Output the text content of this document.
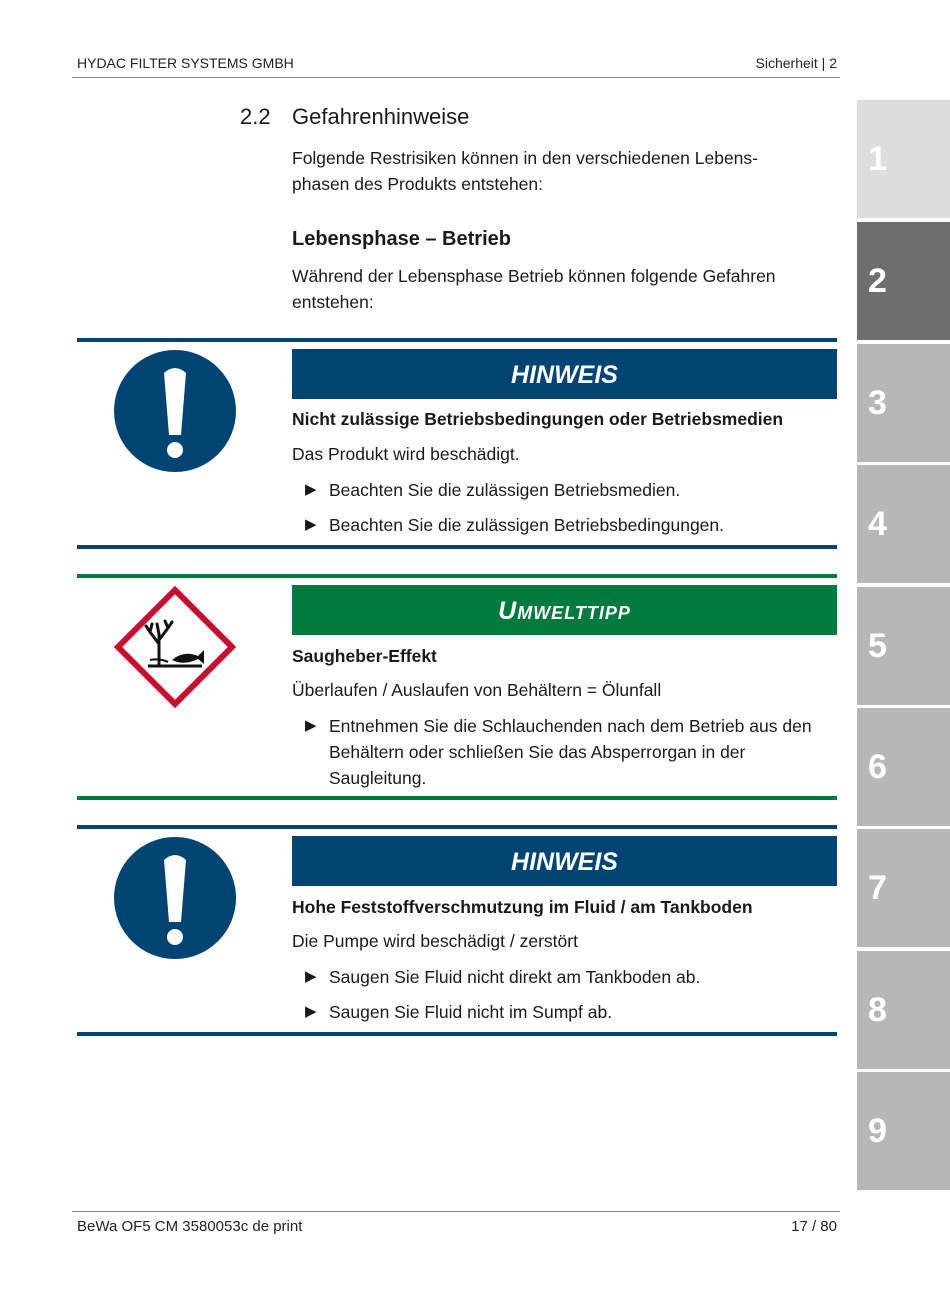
HYDAC FILTER SYSTEMS GMBH	Sicherheit | 2
2.2 Gefahrenhinweise
Folgende Restrisiken können in den verschiedenen Lebens-
phasen des Produkts entstehen:
Lebensphase – Betrieb
Während der Lebensphase Betrieb können folgende Gefahren
entstehen:
HINWEIS
Nicht zulässige Betriebsbedingungen oder Betriebsmedien
Das Produkt wird beschädigt.
▶ Beachten Sie die zulässigen Betriebsmedien.
▶ Beachten Sie die zulässigen Betriebsbedingungen.
Umwelttipp
Saugheber-Effekt
Überlaufen / Auslaufen von Behältern = Ölunfall
▶ Entnehmen Sie die Schlauchenden nach dem Betrieb aus den Behältern oder schließen Sie das Absperrorgan in der Saugleitung.
HINWEIS
Hohe Feststoffverschmutzung im Fluid / am Tankboden
Die Pumpe wird beschädigt / zerstört
▶ Saugen Sie Fluid nicht direkt am Tankboden ab.
▶ Saugen Sie Fluid nicht im Sumpf ab.
1
2
3
4
5
6
7
8
9
BeWa OF5 CM 3580053c de print	17 / 80
